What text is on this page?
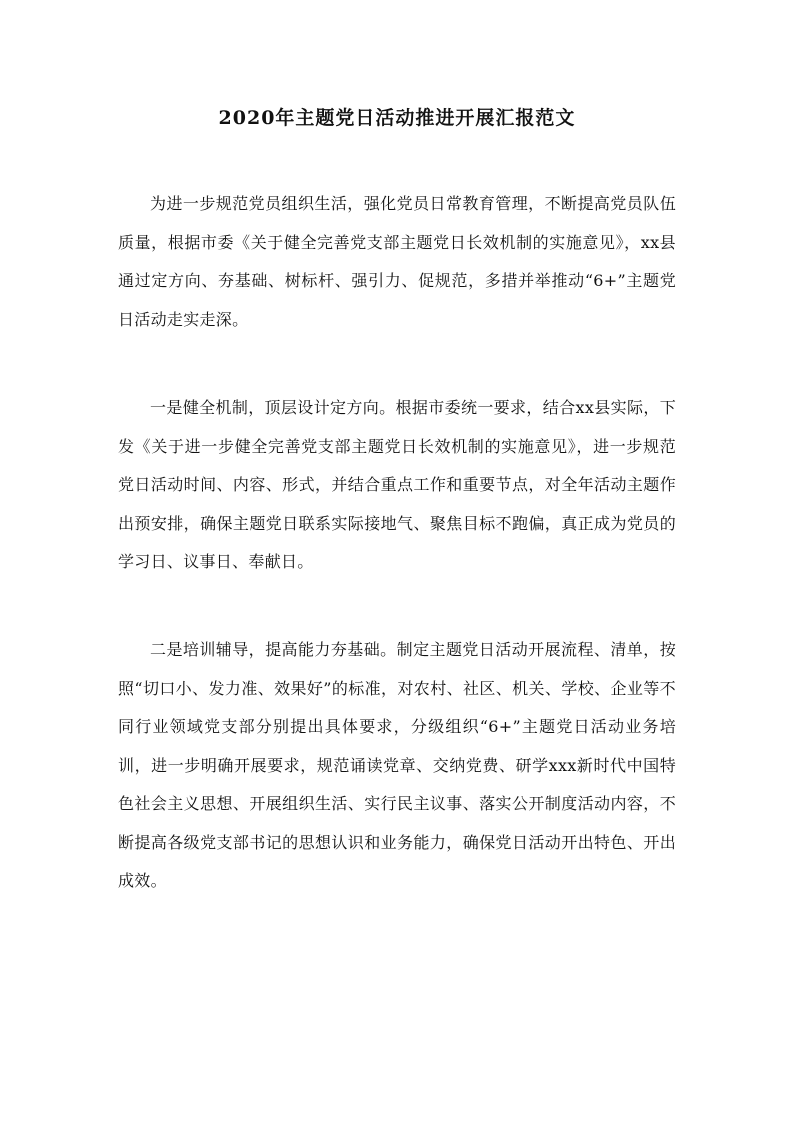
2020年主题党日活动推进开展汇报范文

为进一步规范党员组织生活，强化党员日常教育管理，不断提高党员队伍质量，根据市委《关于健全完善党支部主题党日长效机制的实施意见》，xx县通过定方向、夯基础、树标杆、强引力、促规范，多措并举推动“6+”主题党日活动走实走深。

一是健全机制，顶层设计定方向。根据市委统一要求，结合xx县实际，下发《关于进一步健全完善党支部主题党日长效机制的实施意见》，进一步规范党日活动时间、内容、形式，并结合重点工作和重要节点，对全年活动主题作出预安排，确保主题党日联系实际接地气、聚焦目标不跑偏，真正成为党员的学习日、议事日、奉献日。

二是培训辅导，提高能力夯基础。制定主题党日活动开展流程、清单，按照“切口小、发力准、效果好”的标准，对农村、社区、机关、学校、企业等不同行业领域党支部分别提出具体要求，分级组织“6+”主题党日活动业务培训，进一步明确开展要求，规范诵读党章、交纳党费、研学xxx新时代中国特色社会主义思想、开展组织生活、实行民主议事、落实公开制度活动内容，不断提高各级党支部书记的思想认识和业务能力，确保党日活动开出特色、开出成效。
